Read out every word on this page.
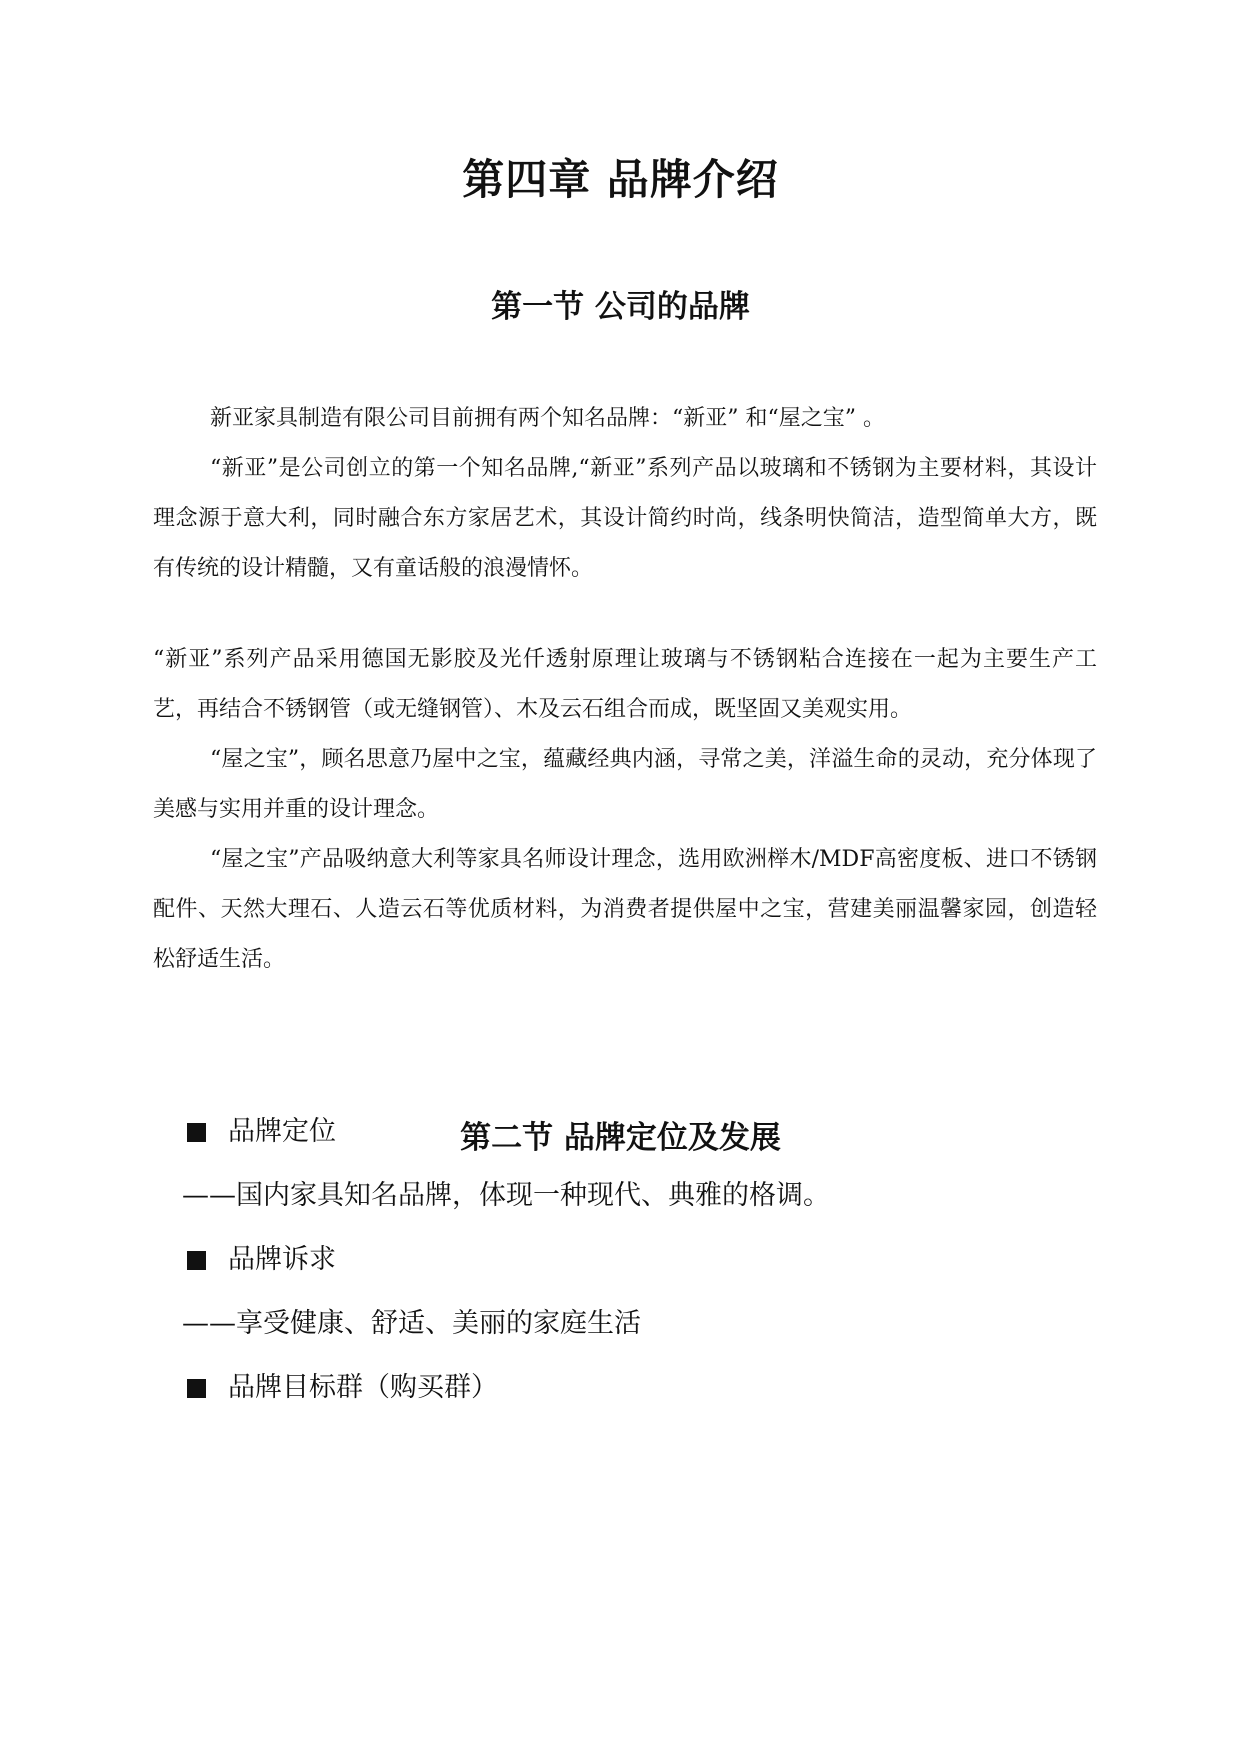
第四章 品牌介绍
第一节 公司的品牌

新亚家具制造有限公司目前拥有两个知名品牌：“新亚” 和“屋之宝” 。

“新亚”是公司创立的第一个知名品牌,“新亚”系列产品以玻璃和不锈钢为主要材料，其设计理念源于意大利，同时融合东方家居艺术，其设计简约时尚，线条明快简洁，造型简单大方，既有传统的设计精髓，又有童话般的浪漫情怀。

“新亚”系列产品采用德国无影胶及光仟透射原理让玻璃与不锈钢粘合连接在一起为主要生产工艺，再结合不锈钢管（或无缝钢管）、木及云石组合而成，既坚固又美观实用。

“屋之宝”，顾名思意乃屋中之宝，蕴藏经典内涵，寻常之美，洋溢生命的灵动，充分体现了美感与实用并重的设计理念。

“屋之宝”产品吸纳意大利等家具名师设计理念，选用欧洲榉木/MDF高密度板、进口不锈钢配件、天然大理石、人造云石等优质材料，为消费者提供屋中之宝，营建美丽温馨家园，创造轻松舒适生活。

第二节 品牌定位及发展
品牌定位
——国内家具知名品牌，体现一种现代、典雅的格调。
品牌诉求
——享受健康、舒适、美丽的家庭生活
品牌目标群（购买群）
